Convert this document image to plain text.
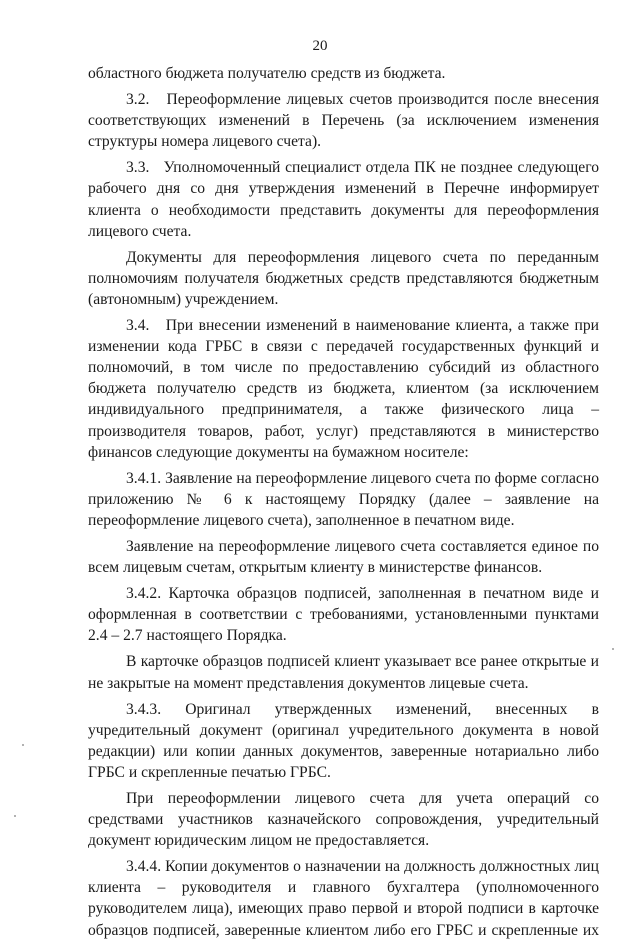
20

областного бюджета получателю средств из бюджета.

3.2.   Переоформление лицевых счетов производится после внесения соответствующих изменений в Перечень (за исключением изменения структуры номера лицевого счета).

3.3.   Уполномоченный специалист отдела ПК не позднее следующего рабочего дня со дня утверждения изменений в Перечне информирует клиента о необходимости представить документы для переоформления лицевого счета.

Документы для переоформления лицевого счета по переданным полномочиям получателя бюджетных средств представляются бюджетным (автономным) учреждением.

3.4.   При внесении изменений в наименование клиента, а также при изменении кода ГРБС в связи с передачей государственных функций и полномочий, в том числе по предоставлению субсидий из областного бюджета получателю средств из бюджета, клиентом (за исключением индивидуального предпринимателя, а также физического лица – производителя товаров, работ, услуг) представляются в министерство финансов следующие документы на бумажном носителе:

3.4.1. Заявление на переоформление лицевого счета по форме согласно приложению № 6 к настоящему Порядку (далее – заявление на переоформление лицевого счета), заполненное в печатном виде.

Заявление на переоформление лицевого счета составляется единое по всем лицевым счетам, открытым клиенту в министерстве финансов.

3.4.2. Карточка образцов подписей, заполненная в печатном виде и оформленная в соответствии с требованиями, установленными пунктами 2.4 – 2.7 настоящего Порядка.

В карточке образцов подписей клиент указывает все ранее открытые и не закрытые на момент представления документов лицевые счета.

3.4.3. Оригинал утвержденных изменений, внесенных в учредительный документ (оригинал учредительного документа в новой редакции) или копии данных документов, заверенные нотариально либо ГРБС и скрепленные печатью ГРБС.

При переоформлении лицевого счета для учета операций со средствами участников казначейского сопровождения, учредительный документ юридическим лицом не предоставляется.

3.4.4. Копии документов о назначении на должность должностных лиц клиента – руководителя и главного бухгалтера (уполномоченного руководителем лица), имеющих право первой и второй подписи в карточке образцов подписей, заверенные клиентом либо его ГРБС и скрепленные их
